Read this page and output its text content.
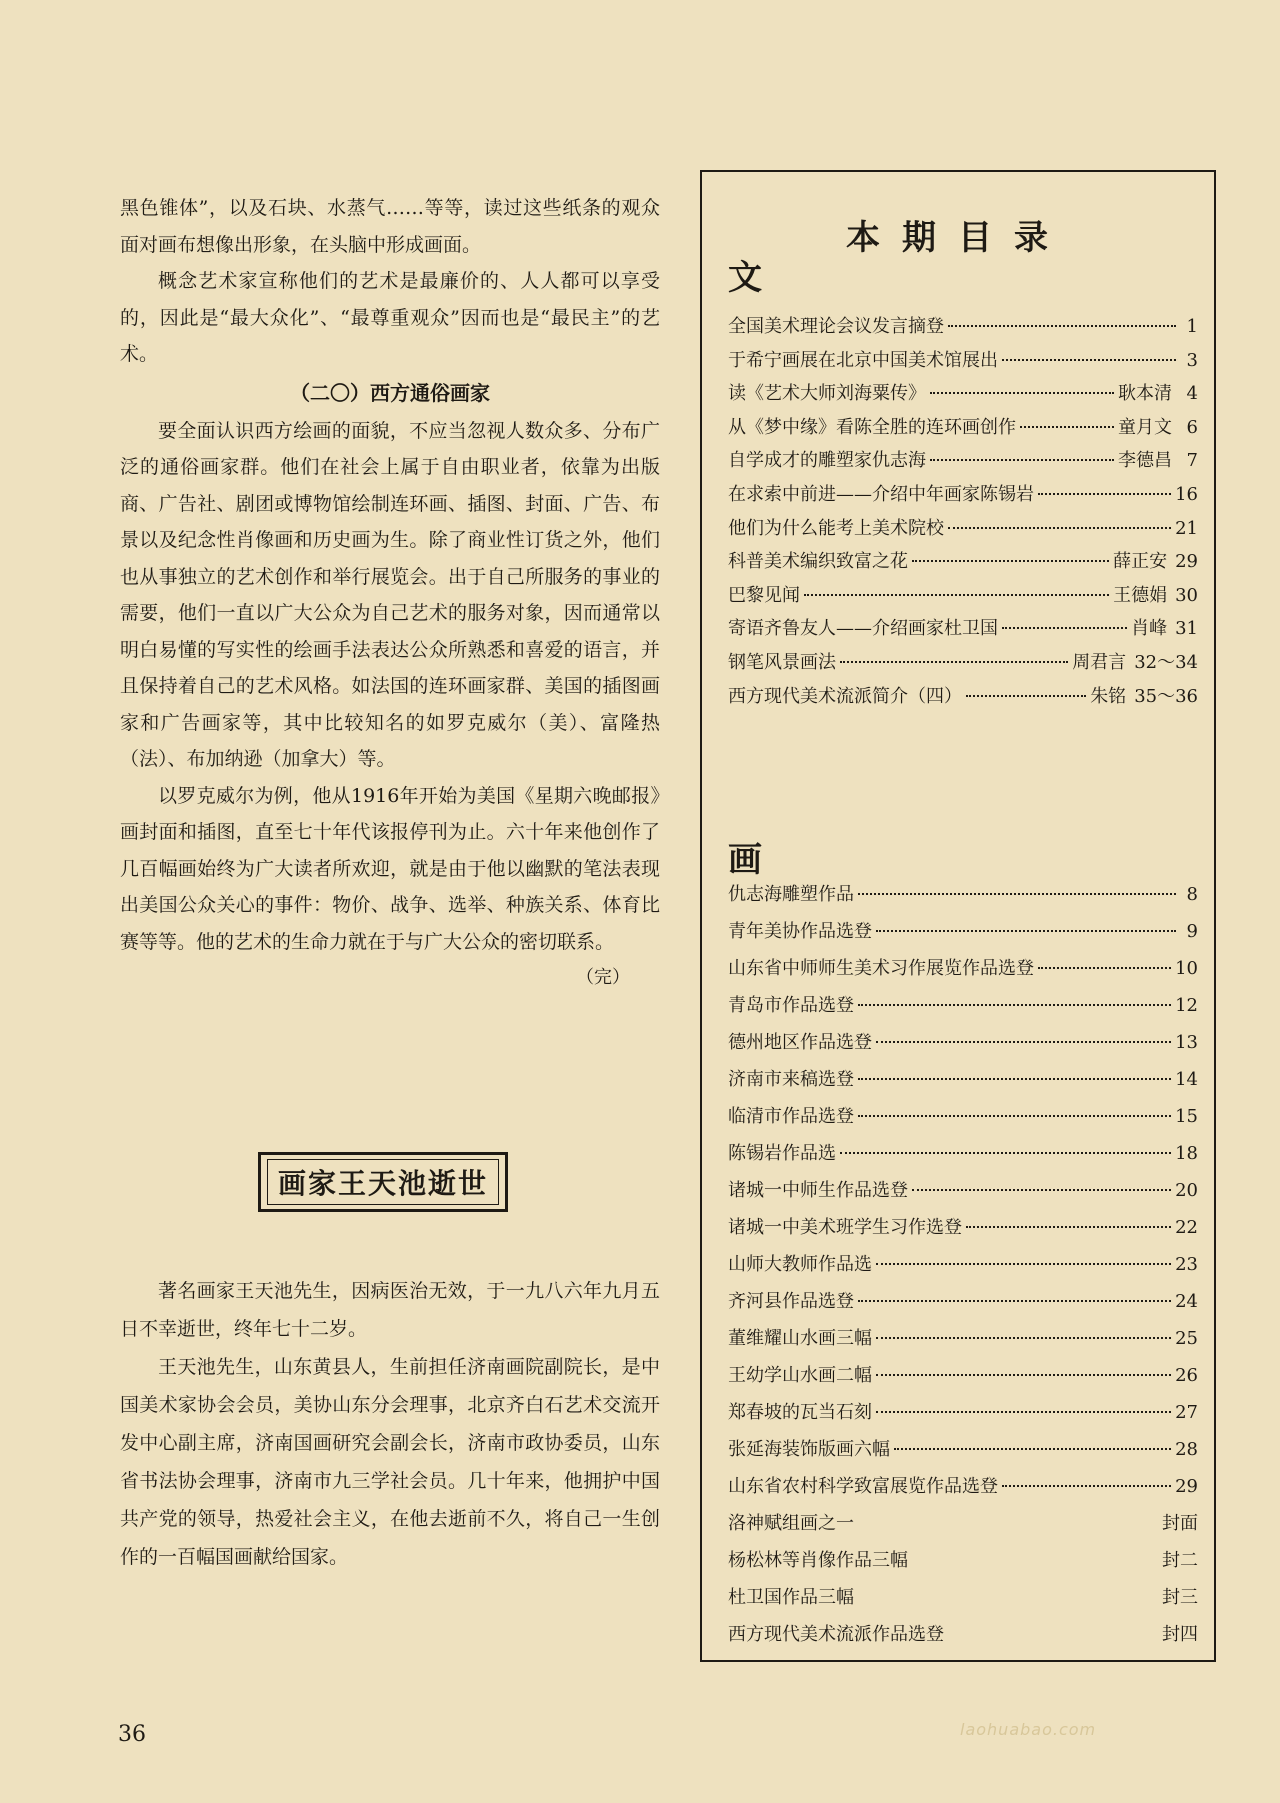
黑色锥体”，以及石块、水蒸气……等等，读过这些纸条的观众面对画布想像出形象，在头脑中形成画面。

概念艺术家宣称他们的艺术是最廉价的、人人都可以享受的，因此是“最大众化”、“最尊重观众”因而也是“最民主”的艺术。

（二〇）西方通俗画家

要全面认识西方绘画的面貌，不应当忽视人数众多、分布广泛的通俗画家群。他们在社会上属于自由职业者，依靠为出版商、广告社、剧团或博物馆绘制连环画、插图、封面、广告、布景以及纪念性肖像画和历史画为生。除了商业性订货之外，他们也从事独立的艺术创作和举行展览会。出于自己所服务的事业的需要，他们一直以广大公众为自己艺术的服务对象，因而通常以明白易懂的写实性的绘画手法表达公众所熟悉和喜爱的语言，并且保持着自己的艺术风格。如法国的连环画家群、美国的插图画家和广告画家等，其中比较知名的如罗克威尔（美）、富隆热（法）、布加纳逊（加拿大）等。

以罗克威尔为例，他从1916年开始为美国《星期六晚邮报》画封面和插图，直至七十年代该报停刊为止。六十年来他创作了几百幅画始终为广大读者所欢迎，就是由于他以幽默的笔法表现出美国公众关心的事件：物价、战争、选举、种族关系、体育比赛等等。他的艺术的生命力就在于与广大公众的密切联系。

（完）
画家王天池逝世

著名画家王天池先生，因病医治无效，于一九八六年九月五日不幸逝世，终年七十二岁。

王天池先生，山东黄县人，生前担任济南画院副院长，是中国美术家协会会员，美协山东分会理事，北京齐白石艺术交流开发中心副主席，济南国画研究会副会长，济南市政协委员，山东省书法协会理事，济南市九三学社会员。几十年来，他拥护中国共产党的领导，热爱社会主义，在他去逝前不久，将自己一生创作的一百幅国画献给国家。

36
本期目录
文
全国美术理论会议发言摘登	1
于希宁画展在北京中国美术馆展出	3
读《艺术大师刘海粟传》	耿本清 4
从《梦中缘》看陈全胜的连环画创作	童月文 6
自学成才的雕塑家仇志海	李德昌 7
在求索中前进——介绍中年画家陈锡岩	16
他们为什么能考上美术院校	21
科普美术编织致富之花	薛正安 29
巴黎见闻	王德娟 30
寄语齐鲁友人——介绍画家杜卫国	肖峰 31
钢笔风景画法	周君言 32～34
西方现代美术流派简介（四）	朱铭 35～36
画
仇志海雕塑作品	8
青年美协作品选登	9
山东省中师师生美术习作展览作品选登	10
青岛市作品选登	12
德州地区作品选登	13
济南市来稿选登	14
临清市作品选登	15
陈锡岩作品选	18
诸城一中师生作品选登	20
诸城一中美术班学生习作选登	22
山师大教师作品选	23
齐河县作品选登	24
董维耀山水画三幅	25
王幼学山水画二幅	26
郑春坡的瓦当石刻	27
张延海装饰版画六幅	28
山东省农村科学致富展览作品选登	29
洛神赋组画之一	封面
杨松林等肖像作品三幅	封二
杜卫国作品三幅	封三
西方现代美术流派作品选登	封四
laohuabao.com
